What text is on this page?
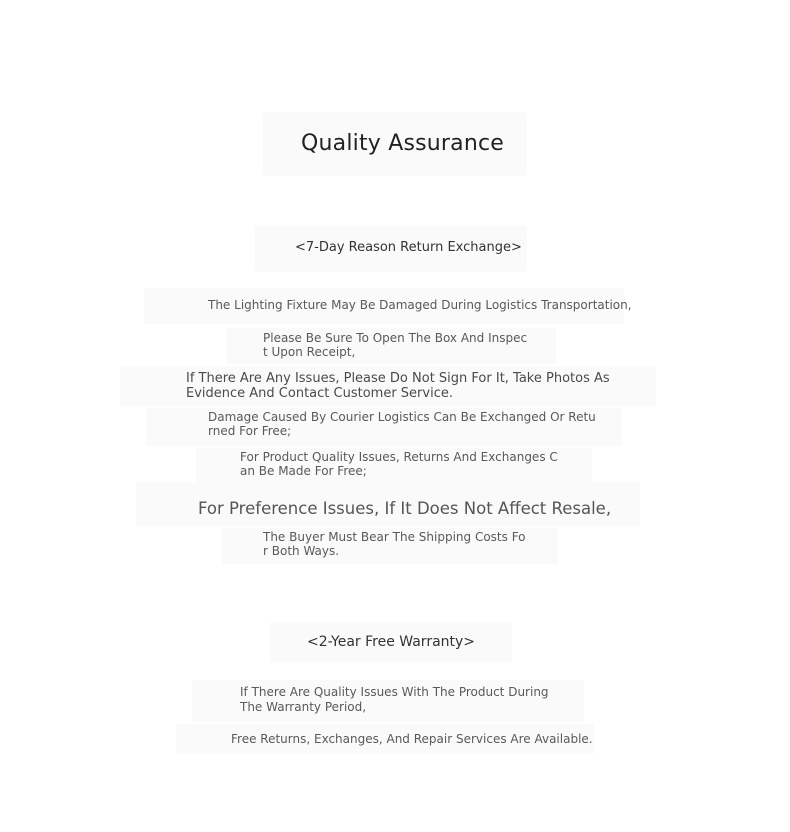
Quality Assurance
<7-Day Reason Return Exchange>
The Lighting Fixture May Be Damaged During Logistics Transportation,
Please Be Sure To Open The Box And Inspec
t Upon Receipt,
If There Are Any Issues, Please Do Not Sign For It, Take Photos As
Evidence And Contact Customer Service.
Damage Caused By Courier Logistics Can Be Exchanged Or Retu
rned For Free;
For Product Quality Issues, Returns And Exchanges C
an Be Made For Free;
For Preference Issues, If It Does Not Affect Resale,
The Buyer Must Bear The Shipping Costs Fo
r Both Ways.
<2-Year Free Warranty>
If There Are Quality Issues With The Product During
The Warranty Period,
Free Returns, Exchanges, And Repair Services Are Available.
